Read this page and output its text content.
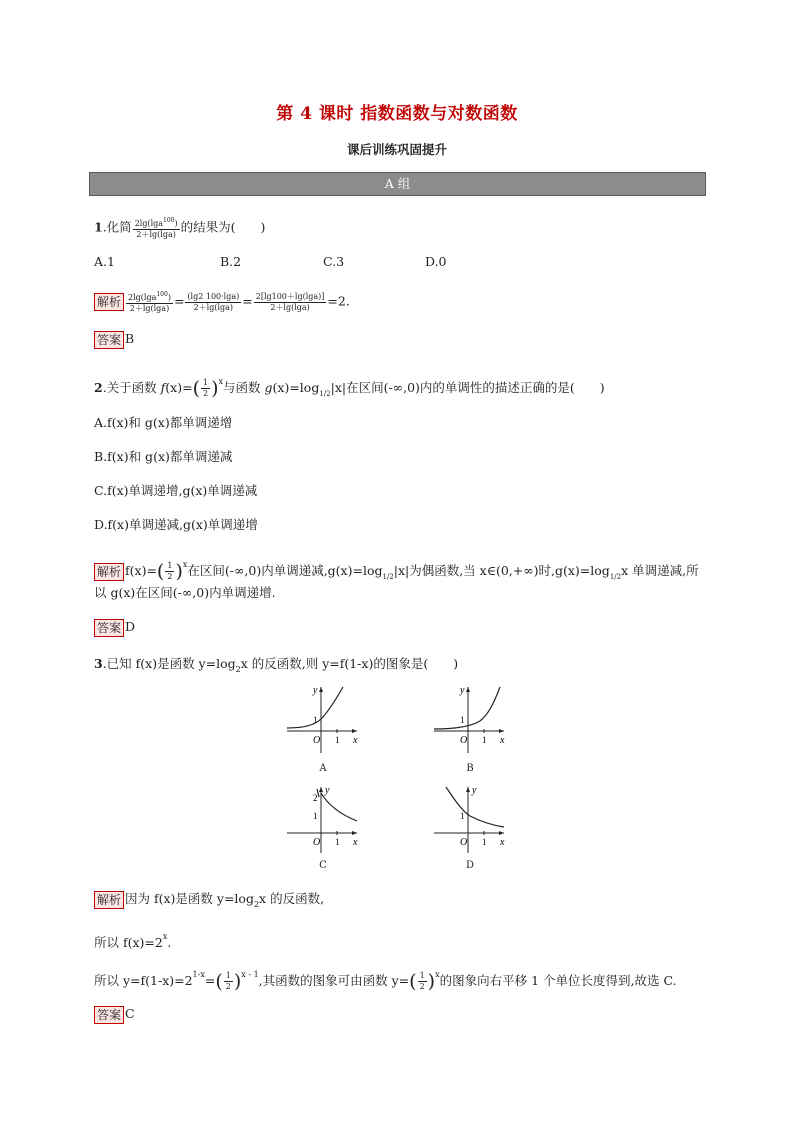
第 4 课时 指数函数与对数函数
课后训练巩固提升
A 组
1.化简 $\frac{2\lg(\lg a^{100})}{2+\lg(\lg a)}$ 的结果为(　　)
A.1	B.2	C.3	D.0
解析 $\frac{2\lg(\lg a^{100})}{2+\lg(\lg a)} = \frac{(\lg 2 100\cdot\lg a)}{2+\lg(\lg a)} = \frac{2[\lg 100+\lg(\lg a)]}{2+\lg(\lg a)} =2$.
答案 B
2.关于函数 $f(x)=( \frac{1}{2} )^x$与函数 $g(x)=\log_{1/2}|x|$在区间(-∞,0)内的单调性的描述正确的是(　　)
A.f(x)和 g(x)都单调递增
B.f(x)和 g(x)都单调递减
C.f(x)单调递增,g(x)单调递减
D.f(x)单调递减,g(x)单调递增
解析 $f(x)=( \frac{1}{2} )^x$在区间(-∞,0)内单调递减$,g(x)=\log_{1/2}|x|$为偶函数,当 x∈(0,+∞)时$,g(x)=\log_{1/2}x$ 单调递减,所
以 g(x)在区间(-∞,0)内单调递增.
答案 D
3.已知 f(x)是函数 $y=\log_2x$ 的反函数,则 y=f(1-x)的图象是(　　)
1
1
O	x
y
A
1
1
O	x
y
B
2
1
1
O	x
y
C
1
1
O	x
y
D
解析 因为 f(x)是函数 $y=\log_2x$ 的反函数,
所以 $f(x)=2^x$.
所以 $y=f(1-x)=2^{1-x}=( \frac{1}{2} )^{x - 1}$,其函数的图象可由函数 $y=( \frac{1}{2} )^x$的图象向右平移 1 个单位长度得到,故选 C.
答案 C
